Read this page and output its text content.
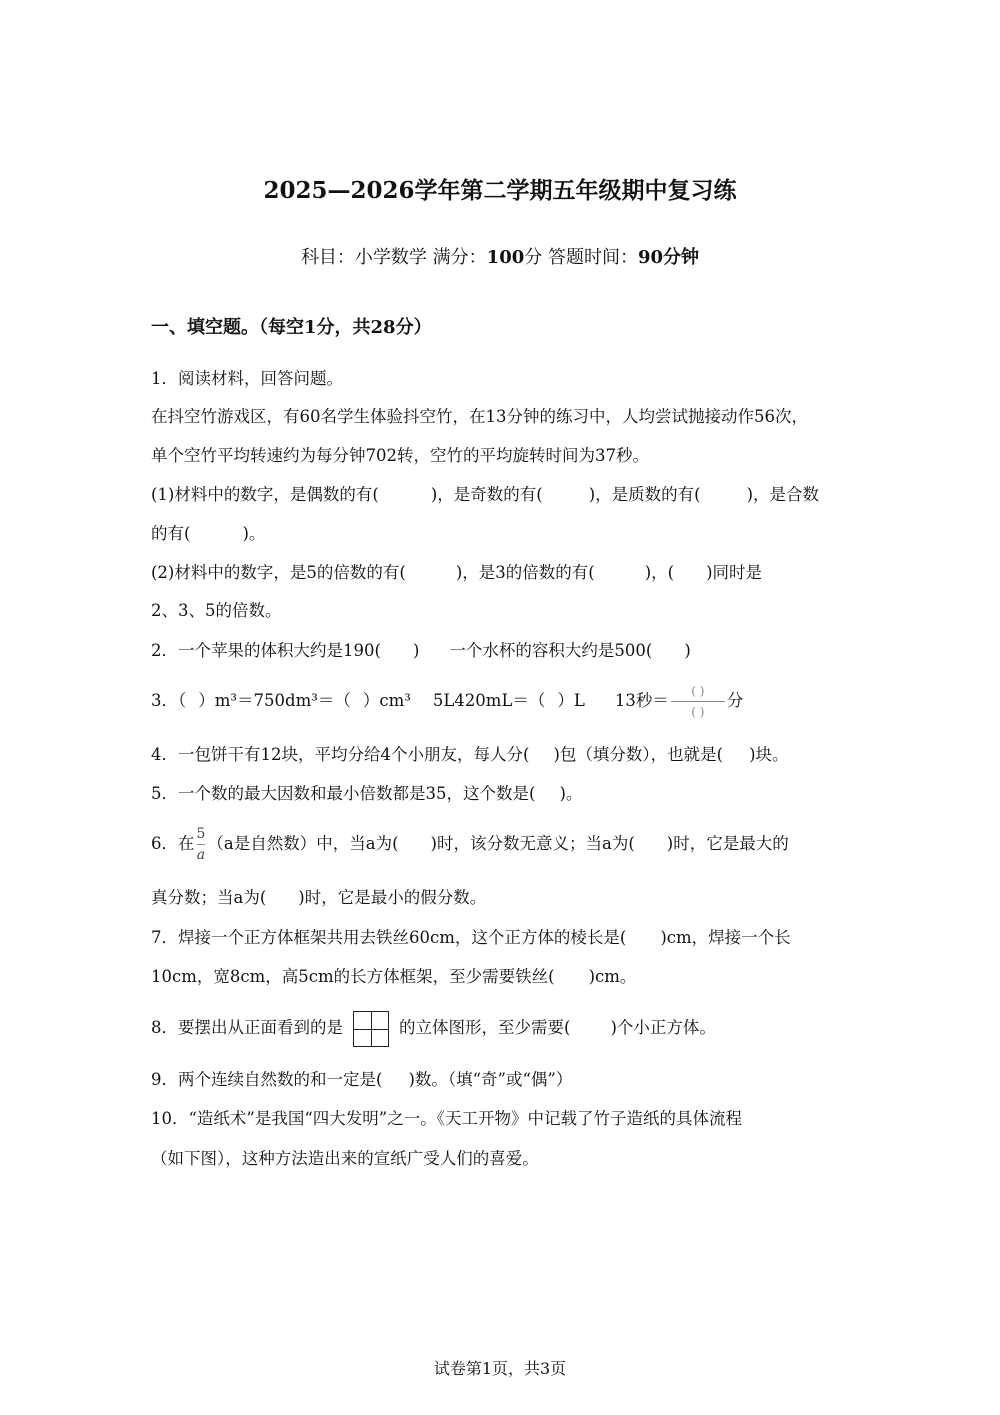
2025—2026学年第二学期五年级期中复习练
科目：小学数学 满分：100分 答题时间：90分钟
一、填空题。（每空1分，共28分）
1．阅读材料，回答问题。
在抖空竹游戏区，有60名学生体验抖空竹，在13分钟的练习中，人均尝试抛接动作56次，
单个空竹平均转速约为每分钟702转，空竹的平均旋转时间为37秒。
(1)材料中的数字，是偶数的有(	)，是奇数的有(	)，是质数的有(	)，是合数
的有(	)。
(2)材料中的数字，是5的倍数的有(	)，是3的倍数的有(	)，( )同时是
2、3、5的倍数。
2．一个苹果的体积大约是190( ) 一个水杯的容积大约是500( )
3．（ ）m³＝750dm³＝（ ）cm³ 5L420mL＝（ ）L 13秒＝ $\frac{( )}{( )}$ 分
4．一包饼干有12块，平均分给4个小朋友，每人分( )包（填分数），也就是( )块。
5．一个数的最大因数和最小倍数都是35，这个数是( )。
6．在 $\frac{5}{a} (a$是自然数）中，当a为( )时，该分数无意义；当a为( )时，它是最大的
真分数；当a为( )时，它是最小的假分数。
7．焊接一个正方体框架共用去铁丝60cm，这个正方体的棱长是( )cm，焊接一个长
10cm，宽8cm，高5cm的长方体框架，至少需要铁丝( )cm。
8．要摆出从正面看到的是	的立体图形，至少需要( )个小正方体。
9．两个连续自然数的和一定是( )数。（填“奇”或“偶”）
10．“造纸术”是我国“四大发明”之一。《天工开物》中记载了竹子造纸的具体流程
（如下图），这种方法造出来的宣纸广受人们的喜爱。
试卷第1页，共3页
